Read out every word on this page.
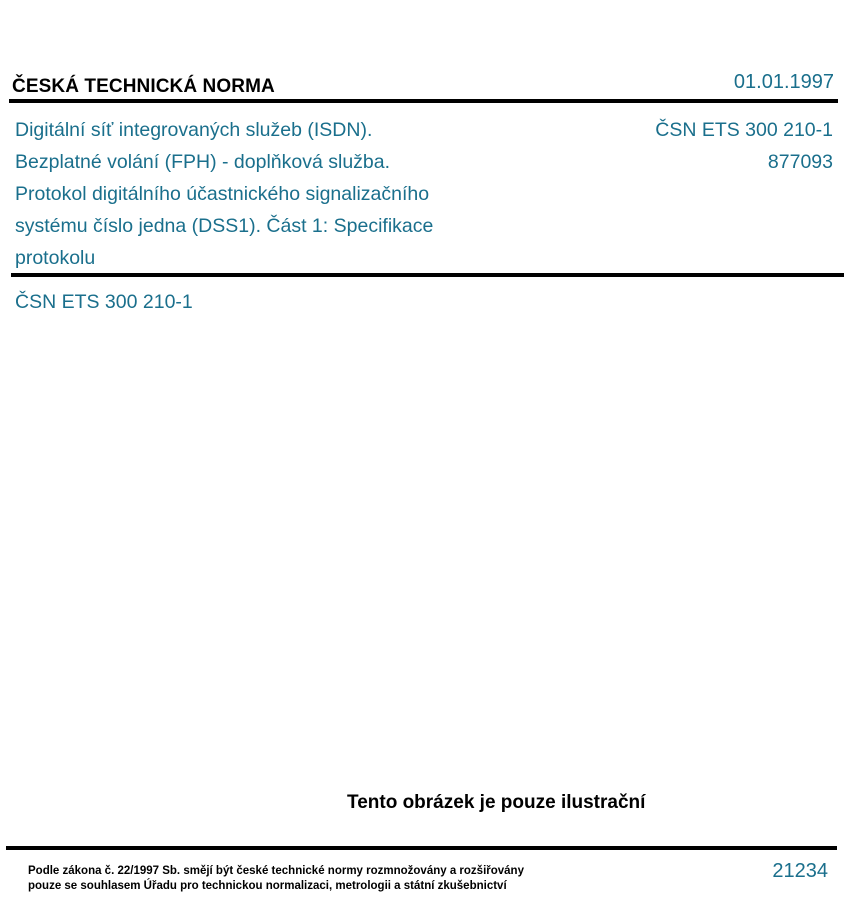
ČESKÁ TECHNICKÁ NORMA	01.01.1997
Digitální síť integrovaných služeb (ISDN).
Bezplatné volání (FPH) - doplňková služba.
Protokol digitálního účastnického signalizačního
systému číslo jedna (DSS1). Část 1: Specifikace
protokolu
ČSN ETS 300 210-1
877093
ČSN ETS 300 210-1
Tento obrázek je pouze ilustrační
Podle zákona č. 22/1997 Sb. smějí být české technické normy rozmnožovány a rozšiřovány
pouze se souhlasem Úřadu pro technickou normalizaci, metrologii a státní zkušebnictví
21234
